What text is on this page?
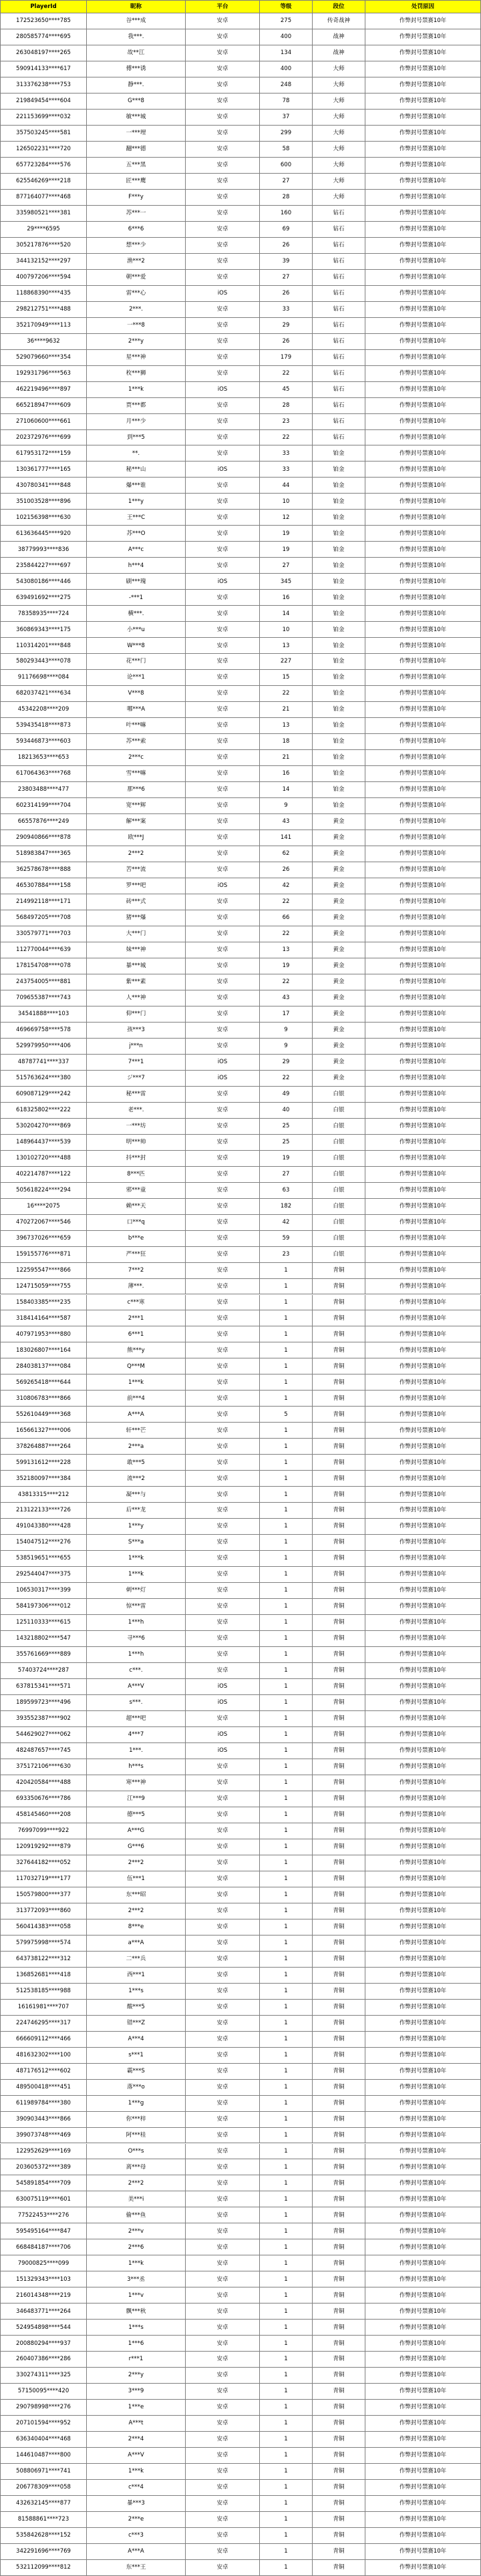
PlayerId	昵称	平台	等级	段位	处罚原因
172523650****785	谷***成	安卓	275	传奇战神	作弊封号禁赛10年
280585774****695	我***.	安卓	400	战神	作弊封号禁赛10年
263048197****265	故**江	安卓	134	战神	作弊封号禁赛10年
590914133****617	傅***诱	安卓	400	大师	作弊封号禁赛10年
313376238****753	静***.	安卓	248	大师	作弊封号禁赛10年
219849454****604	G***8	安卓	78	大师	作弊封号禁赛10年
221153699****032	敏***城	安卓	37	大师	作弊封号禁赛10年
357503245****581	一***埋	安卓	299	大师	作弊封号禁赛10年
126502231****720	翻***德	安卓	58	大师	作弊封号禁赛10年
657723284****576	五***黑	安卓	600	大师	作弊封号禁赛10年
625546269****218	匠***鹰	安卓	27	大师	作弊封号禁赛10年
877164077****468	F***y	安卓	28	大师	作弊封号禁赛10年
335980521****381	苏***一	安卓	160	钻石	作弊封号禁赛10年
29****6595	6***6	安卓	69	钻石	作弊封号禁赛10年
305217876****520	想***少	安卓	26	钻石	作弊封号禁赛10年
344132152****297	渔***2	安卓	39	钻石	作弊封号禁赛10年
400797206****594	朝***爱	安卓	27	钻石	作弊封号禁赛10年
118868390****435	雷***心	iOS	26	钻石	作弊封号禁赛10年
298212751****488	2***.	安卓	33	钻石	作弊封号禁赛10年
352170949****113	一***8	安卓	29	钻石	作弊封号禁赛10年
36****9632	2***y	安卓	26	钻石	作弊封号禁赛10年
529079660****354	星***神	安卓	179	钻石	作弊封号禁赛10年
192931796****563	枚***狮	安卓	22	钻石	作弊封号禁赛10年
462219496****897	1***k	iOS	45	钻石	作弊封号禁赛10年
665218947****609	贾***都	安卓	28	钻石	作弊封号禁赛10年
271060600****661	月***少	安卓	23	钻石	作弊封号禁赛10年
202372976****699	到***5	安卓	22	钻石	作弊封号禁赛10年
617953172****159	**.	安卓	33	铂金	作弊封号禁赛10年
130361777****165	秘***山	iOS	33	铂金	作弊封号禁赛10年
430780341****848	爆***谁	安卓	44	铂金	作弊封号禁赛10年
351003528****896	1***y	安卓	10	铂金	作弊封号禁赛10年
102156398****630	王***C	安卓	12	铂金	作弊封号禁赛10年
613636445****920	苏***O	安卓	19	铂金	作弊封号禁赛10年
38779993****836	A***c	安卓	19	铂金	作弊封号禁赛10年
235844227****697	h***4	安卓	27	铂金	作弊封号禁赛10年
543080186****446	刷***瑰	iOS	345	铂金	作弊封号禁赛10年
639491692****275	-***1	安卓	16	铂金	作弊封号禁赛10年
78358935****724	横***.	安卓	14	铂金	作弊封号禁赛10年
360869343****175	小***u	安卓	10	铂金	作弊封号禁赛10年
110314201****848	W***8	安卓	13	铂金	作弊封号禁赛10年
580293443****078	花***门	安卓	227	铂金	作弊封号禁赛10年
91176698****084	论***1	安卓	15	铂金	作弊封号禁赛10年
682037421****634	V***8	安卓	22	铂金	作弊封号禁赛10年
45342208****209	哪***A	安卓	21	铂金	作弊封号禁赛10年
539435418****873	叶***嘛	安卓	13	铂金	作弊封号禁赛10年
593446873****603	苏***索	安卓	18	铂金	作弊封号禁赛10年
18213653****653	2***c	安卓	21	铂金	作弊封号禁赛10年
617064363****768	雪***嘛	安卓	16	铂金	作弊封号禁赛10年
23803488****477	那***6	安卓	14	铂金	作弊封号禁赛10年
602314199****704	宽***辉	安卓	9	铂金	作弊封号禁赛10年
66557876****249	解***案	安卓	43	黄金	作弊封号禁赛10年
290940866****878	欧***J	安卓	141	黄金	作弊封号禁赛10年
518983847****365	2***2	安卓	62	黄金	作弊封号禁赛10年
362578678****888	苦***流	安卓	26	黄金	作弊封号禁赛10年
465307884****158	罗***吧	iOS	42	黄金	作弊封号禁赛10年
214992118****171	砖***式	安卓	22	黄金	作弊封号禁赛10年
568497205****708	猪***爆	安卓	66	黄金	作弊封号禁赛10年
330579771****703	大***门	安卓	22	黄金	作弊封号禁赛10年
112770044****639	妹***神	安卓	13	黄金	作弊封号禁赛10年
178154708****078	暴***城	安卓	19	黄金	作弊封号禁赛10年
243754005****881	紫***素	安卓	22	黄金	作弊封号禁赛10年
709655387****743	人***神	安卓	43	黄金	作弊封号禁赛10年
34541888****103	仰***门	安卓	17	黄金	作弊封号禁赛10年
469669758****578	孩***3	安卓	9	黄金	作弊封号禁赛10年
529979950****406	j***n	安卓	9	黄金	作弊封号禁赛10年
48787741****337	7***1	iOS	29	黄金	作弊封号禁赛10年
515763624****380	ジ***7	iOS	22	黄金	作弊封号禁赛10年
609087129****242	秘***雷	安卓	49	白银	作弊封号禁赛10年
618325802****222	老***.	安卓	40	白银	作弊封号禁赛10年
530204270****869	一***坊	安卓	25	白银	作弊封号禁赛10年
148964437****539	明***帅	安卓	25	白银	作弊封号禁赛10年
130102720****488	抖***封	安卓	19	白银	作弊封号禁赛10年
402214787****122	8***匹	安卓	27	白银	作弊封号禁赛10年
505618224****294	邪***童	安卓	63	白银	作弊封号禁赛10年
16****2075	赖***天	安卓	182	白银	作弊封号禁赛10年
470272067****546	口***q	安卓	42	白银	作弊封号禁赛10年
396737026****659	b***e	安卓	59	白银	作弊封号禁赛10年
159155776****871	严***狂	安卓	23	白银	作弊封号禁赛10年
122595547****866	7***2	安卓	1	青铜	作弊封号禁赛10年
124715059****755	薄***.	安卓	1	青铜	作弊封号禁赛10年
158403385****235	c***寒	安卓	1	青铜	作弊封号禁赛10年
318414164****587	2***1	安卓	1	青铜	作弊封号禁赛10年
407971953****880	6***1	安卓	1	青铜	作弊封号禁赛10年
183026807****164	熊***y	安卓	1	青铜	作弊封号禁赛10年
284038137****084	Q***M	安卓	1	青铜	作弊封号禁赛10年
569265418****644	1***k	安卓	1	青铜	作弊封号禁赛10年
310806783****866	前***4	安卓	1	青铜	作弊封号禁赛10年
552610449****368	A***A	安卓	5	青铜	作弊封号禁赛10年
165661327****006	轩***芒	安卓	1	青铜	作弊封号禁赛10年
378264887****264	2***a	安卓	1	青铜	作弊封号禁赛10年
599131612****228	敢***5	安卓	1	青铜	作弊封号禁赛10年
352180097****384	流***2	安卓	1	青铜	作弊封号禁赛10年
43813315****212	凝***与	安卓	1	青铜	作弊封号禁赛10年
213122133****726	后***龙	安卓	1	青铜	作弊封号禁赛10年
491043380****428	1***y	安卓	1	青铜	作弊封号禁赛10年
154047512****276	S***a	安卓	1	青铜	作弊封号禁赛10年
538519651****655	1***k	安卓	1	青铜	作弊封号禁赛10年
292544047****375	1***k	安卓	1	青铜	作弊封号禁赛10年
106530317****399	刺***灯	安卓	1	青铜	作弊封号禁赛10年
584197306****012	惊***雷	安卓	1	青铜	作弊封号禁赛10年
125110333****615	1***h	安卓	1	青铜	作弊封号禁赛10年
143218802****547	寻***6	安卓	1	青铜	作弊封号禁赛10年
355761669****889	1***h	安卓	1	青铜	作弊封号禁赛10年
57403724****287	c***.	安卓	1	青铜	作弊封号禁赛10年
637815341****571	A***V	iOS	1	青铜	作弊封号禁赛10年
189599723****496	s***.	iOS	1	青铜	作弊封号禁赛10年
393552387****902	超***吧	安卓	1	青铜	作弊封号禁赛10年
544629027****062	4***7	iOS	1	青铜	作弊封号禁赛10年
482487657****745	1***.	iOS	1	青铜	作弊封号禁赛10年
375172106****630	h***s	安卓	1	青铜	作弊封号禁赛10年
420420584****488	寒***神	安卓	1	青铜	作弊封号禁赛10年
693350676****786	江***9	安卓	1	青铜	作弊封号禁赛10年
458145460****208	德***5	安卓	1	青铜	作弊封号禁赛10年
76997099****922	A***G	安卓	1	青铜	作弊封号禁赛10年
120919292****879	G***6	安卓	1	青铜	作弊封号禁赛10年
327644182****052	2***2	安卓	1	青铜	作弊封号禁赛10年
117032719****177	伍***1	安卓	1	青铜	作弊封号禁赛10年
150579800****377	东***昭	安卓	1	青铜	作弊封号禁赛10年
313772093****860	2***2	安卓	1	青铜	作弊封号禁赛10年
560414383****058	8***e	安卓	1	青铜	作弊封号禁赛10年
579975998****574	a***A	安卓	1	青铜	作弊封号禁赛10年
643738122****312	二***兵	安卓	1	青铜	作弊封号禁赛10年
136852681****418	西***1	安卓	1	青铜	作弊封号禁赛10年
512538185****988	1***s	安卓	1	青铜	作弊封号禁赛10年
16161981****707	酸***5	安卓	1	青铜	作弊封号禁赛10年
224746295****317	错***Z	安卓	1	青铜	作弊封号禁赛10年
666609112****466	A***4	安卓	1	青铜	作弊封号禁赛10年
481632302****100	s***1	安卓	1	青铜	作弊封号禁赛10年
487176512****602	霸***S	安卓	1	青铜	作弊封号禁赛10年
489500418****451	落***o	安卓	1	青铜	作弊封号禁赛10年
611989784****380	1***g	安卓	1	青铜	作弊封号禁赛10年
390903443****866	你***梓	安卓	1	青铜	作弊封号禁赛10年
399073748****469	阿***桂	安卓	1	青铜	作弊封号禁赛10年
122952629****169	O***s	安卓	1	青铜	作弊封号禁赛10年
203605372****389	离***母	安卓	1	青铜	作弊封号禁赛10年
545891854****709	2***2	安卓	1	青铜	作弊封号禁赛10年
630075119****601	美***i	安卓	1	青铜	作弊封号禁赛10年
77522453****276	偷***鱼	安卓	1	青铜	作弊封号禁赛10年
595495164****847	2***v	安卓	1	青铜	作弊封号禁赛10年
668484187****706	2***6	安卓	1	青铜	作弊封号禁赛10年
79000825****099	1***k	安卓	1	青铜	作弊封号禁赛10年
151329343****103	3***丞	安卓	1	青铜	作弊封号禁赛10年
216014348****219	1***v	安卓	1	青铜	作弊封号禁赛10年
346483771****264	飘***秋	安卓	1	青铜	作弊封号禁赛10年
524954898****544	1***s	安卓	1	青铜	作弊封号禁赛10年
200880294****937	1***6	安卓	1	青铜	作弊封号禁赛10年
260407386****286	r***1	安卓	1	青铜	作弊封号禁赛10年
330274311****325	2***y	安卓	1	青铜	作弊封号禁赛10年
57150095****420	3***9	安卓	1	青铜	作弊封号禁赛10年
290798998****276	1***e	安卓	1	青铜	作弊封号禁赛10年
207101594****952	A***t	安卓	1	青铜	作弊封号禁赛10年
636340404****468	2***4	安卓	1	青铜	作弊封号禁赛10年
144610487****800	A***V	安卓	1	青铜	作弊封号禁赛10年
508806971****741	1***k	安卓	1	青铜	作弊封号禁赛10年
206778309****058	c***4	安卓	1	青铜	作弊封号禁赛10年
432632145****877	暴***3	安卓	1	青铜	作弊封号禁赛10年
81588861****723	2***e	安卓	1	青铜	作弊封号禁赛10年
535842628****152	c***3	安卓	1	青铜	作弊封号禁赛10年
342291696****769	A***A	安卓	1	青铜	作弊封号禁赛10年
532112099****812	东***王	安卓	1	青铜	作弊封号禁赛10年
